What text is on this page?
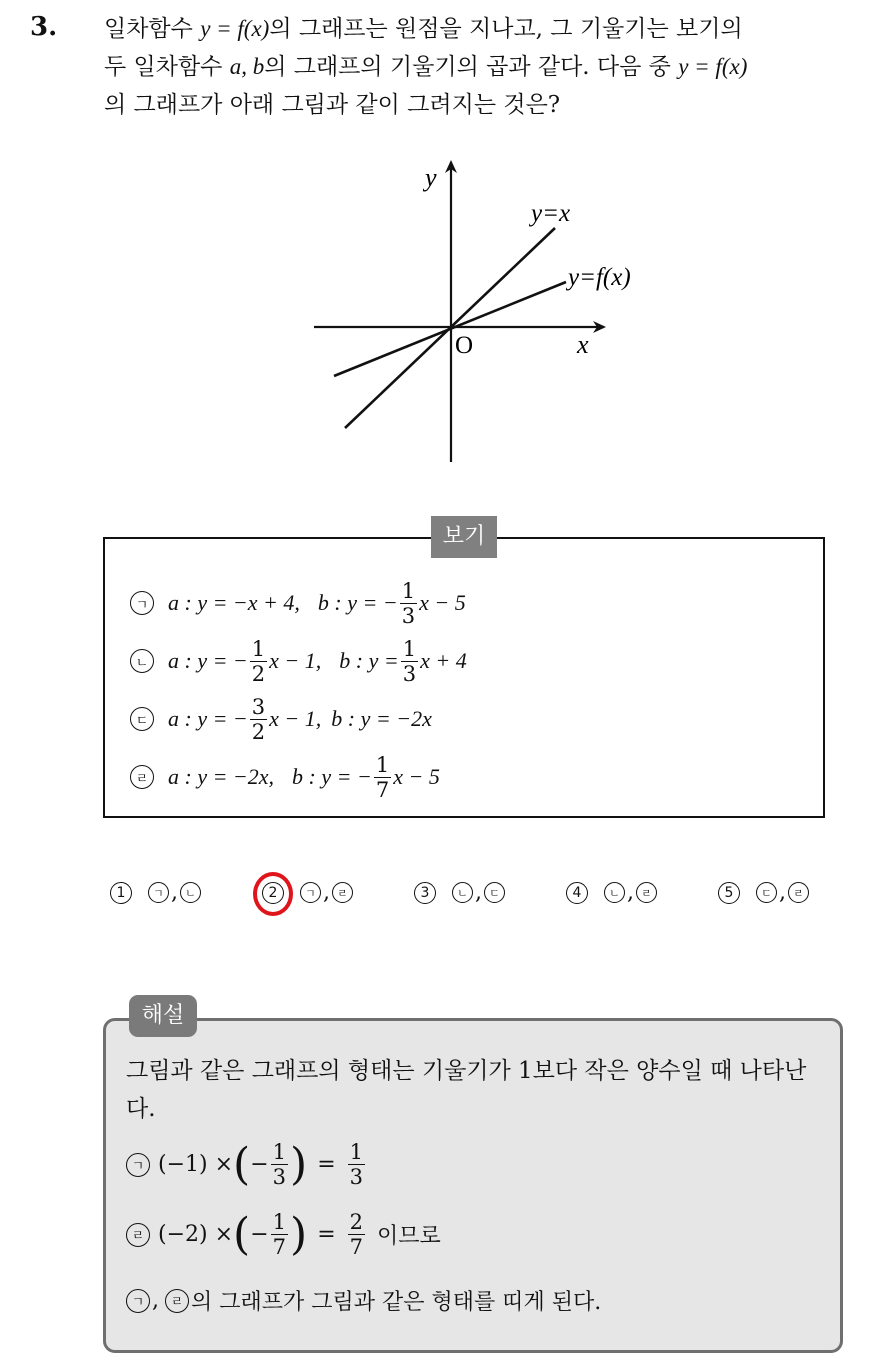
3. 일차함수 y = f(x)의 그래프는 원점을 지나고, 그 기울기는 보기의
두 일차함수 a, b의 그래프의 기울기의 곱과 같다. 다음 중 y = f(x)
의 그래프가 아래 그림과 같이 그려지는 것은?
y
x
O
y=x
y=f(x)
보기
ㄱ a : y = −x + 4, b : y = − $\frac{1}{3}$ x − 5
ㄴ a : y = − $\frac{1}{2}$ x − 1, b : $y = \frac{1}{3}$ x + 4
ㄷ a : y = − $\frac{3}{2}$ x − 1, b : y = −2x
ㄹ a : y = −2x, b : y = − $\frac{1}{7}$ x − 5
1	ㄱ , ㄴ	2	ㄱ , ㄹ	3	ㄴ , ㄷ	4	ㄴ , ㄹ	5	ㄷ , ㄹ
해설
그림과 같은 그래프의 형태는 기울기가 1보다 작은 양수일 때 나타난다.
ㄱ (−1) × ( − $\frac{1}{3}$ ) = $\frac{1}{3}$
ㄹ (−2) × ( − $\frac{1}{7}$ ) = $\frac{2}{7}$ 이므로
ㄱ , ㄹ 의 그래프가 그림과 같은 형태를 띠게 된다.
